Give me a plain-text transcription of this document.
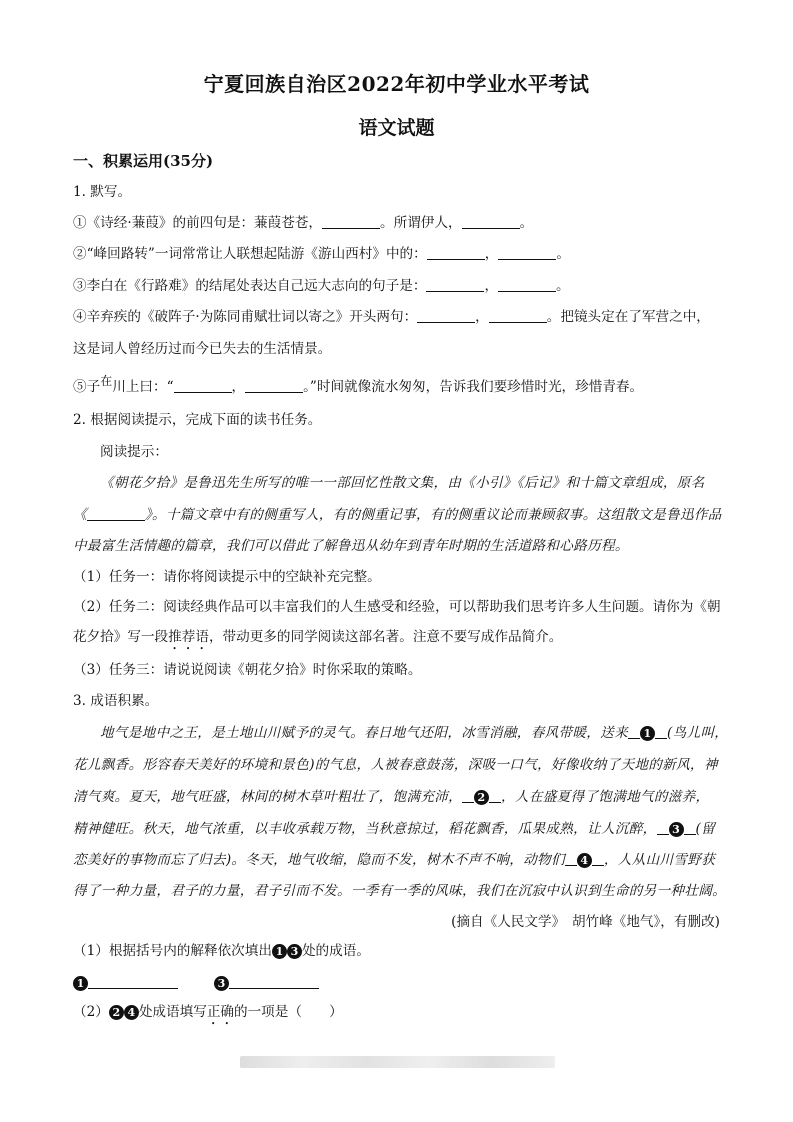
宁夏回族自治区2022年初中学业水平考试
语文试题
一、积累运用(35分)
1. 默写。
①《诗经·蒹葭》的前四句是：蒹葭苍苍，	。所谓伊人，	。
②“峰回路转”一词常常让人联想起陆游《游山西村》中的：	，	。
③李白在《行路难》的结尾处表达自己远大志向的句子是：	，	。
④辛弃疾的《破阵子·为陈同甫赋壮词以寄之》开头两句：	，	。把镜头定在了军营之中，
这是词人曾经历过而今已失去的生活情景。
⑤子在川上曰：“	，	。”时间就像流水匆匆，告诉我们要珍惜时光，珍惜青春。
2. 根据阅读提示，完成下面的读书任务。
阅读提示：
《朝花夕拾》是鲁迅先生所写的唯一一部回忆性散文集，由《小引》《后记》和十篇文章组成，原名
《	》。十篇文章中有的侧重写人，有的侧重记事，有的侧重议论而兼顾叙事。这组散文是鲁迅作品
中最富生活情趣的篇章，我们可以借此了解鲁迅从幼年到青年时期的生活道路和心路历程。
（1）任务一：请你将阅读提示中的空缺补充完整。
（2）任务二：阅读经典作品可以丰富我们的人生感受和经验，可以帮助我们思考许多人生问题。请你为《朝
花夕拾》写一段推荐语，带动更多的同学阅读这部名著。注意不要写成作品简介。
（3）任务三：请说说阅读《朝花夕拾》时你采取的策略。
3. 成语积累。
地气是地中之王，是土地山川赋予的灵气。春日地气还阳，冰雪消融，春风带暖，送来 1 (鸟儿叫，
花儿飘香。形容春天美好的环境和景色)的气息，人被春意鼓荡，深吸一口气，好像收纳了天地的新风，神
清气爽。夏天，地气旺盛，林间的树木草叶粗壮了，饱满充沛， 2 ，人在盛夏得了饱满地气的滋养，
精神健旺。秋天，地气浓重，以丰收承载万物，当秋意掠过，稻花飘香，瓜果成熟，让人沉醉， 3 (留
恋美好的事物而忘了归去)。冬天，地气收缩，隐而不发，树木不声不响，动物们 4 ，人从山川雪野获
得了一种力量，君子的力量，君子引而不发。一季有一季的风味，我们在沉寂中认识到生命的另一种壮阔。
(摘自《人民文学》　胡竹峰《地气》，有删改)
（1）根据括号内的解释依次填出 1 3 处的成语。
1	3
（2） 2 4 处成语填写正确的一项是（　　）
